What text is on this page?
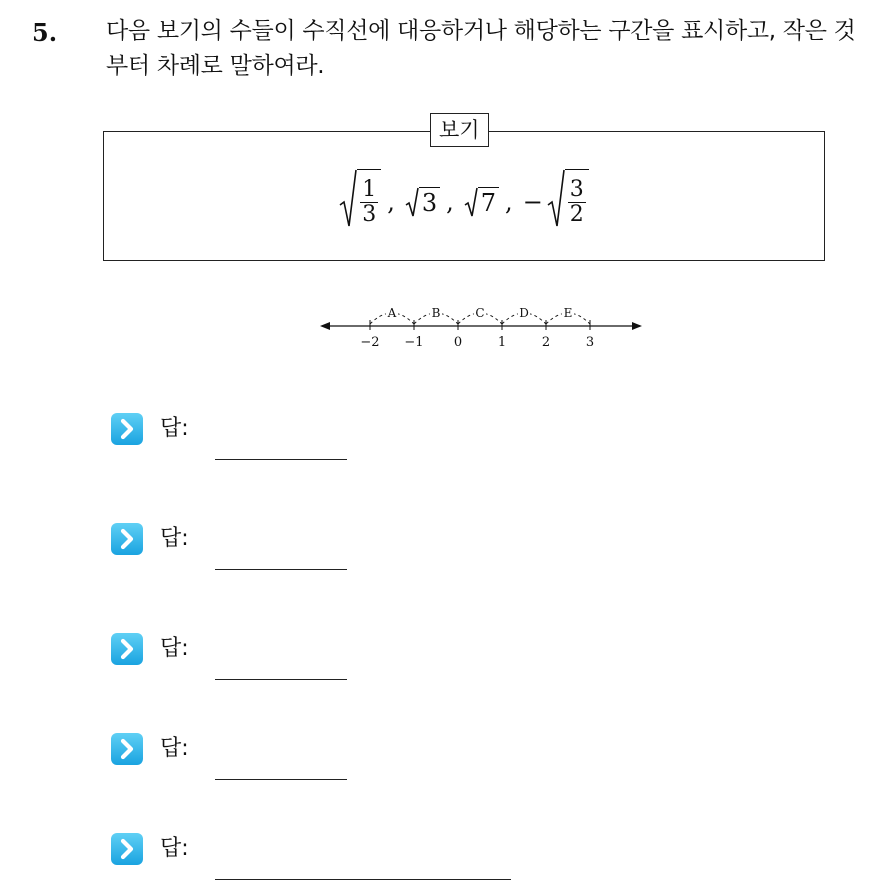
5. 다음 보기의 수들이 수직선에 대응하거나 해당하는 구간을 표시하고, 작은 것부터 차례로 말하여라.
보기
$\frac{1}{3}$ , 3 , 7 , − $\frac{3}{2}$
−2 −1 0	1	2	3
A	B	C	D	E
답:
답:
답:
답:
답:
